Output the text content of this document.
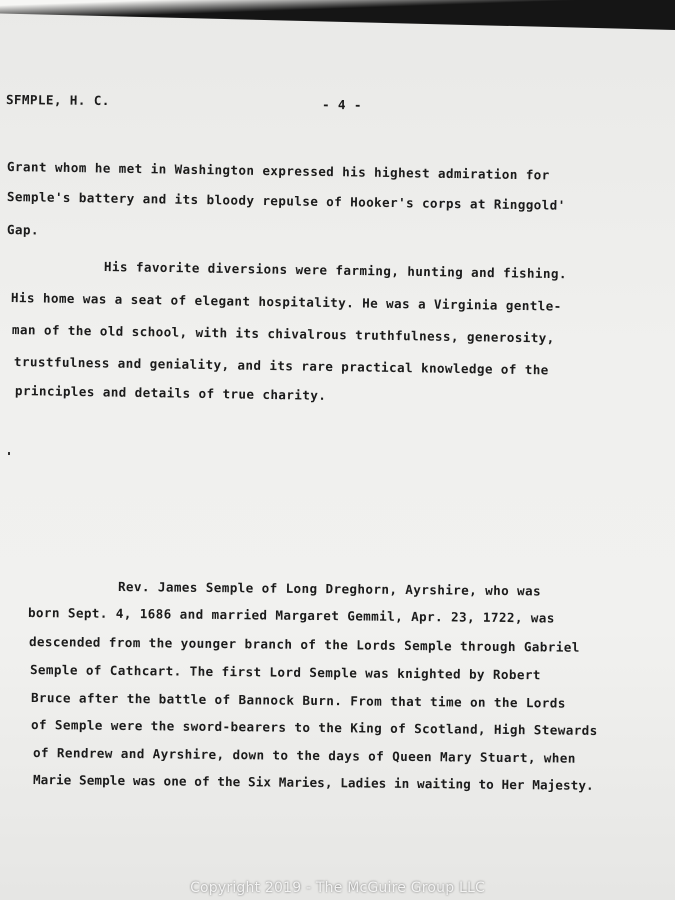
SFMPLE, H. C.	- 4 -
Grant whom he met in Washington expressed his highest admiration for
Semple's battery and its bloody repulse of Hooker's corps at Ringgold'
Gap.
His favorite diversions were farming, hunting and fishing.
His home was a seat of elegant hospitality. He was a Virginia gentle-
man of the old school, with its chivalrous truthfulness, generosity,
trustfulness and geniality, and its rare practical knowledge of the
principles and details of true charity.
Rev. James Semple of Long Dreghorn, Ayrshire, who was
born Sept. 4, 1686 and married Margaret Gemmil, Apr. 23, 1722, was
descended from the younger branch of the Lords Semple through Gabriel
Semple of Cathcart. The first Lord Semple was knighted by Robert
Bruce after the battle of Bannock Burn. From that time on the Lords
of Semple were the sword-bearers to the King of Scotland, High Stewards
of Rendrew and Ayrshire, down to the days of Queen Mary Stuart, when
Marie Semple was one of the Six Maries, Ladies in waiting to Her Majesty.
Copyright 2019 - The McGuire Group LLC
